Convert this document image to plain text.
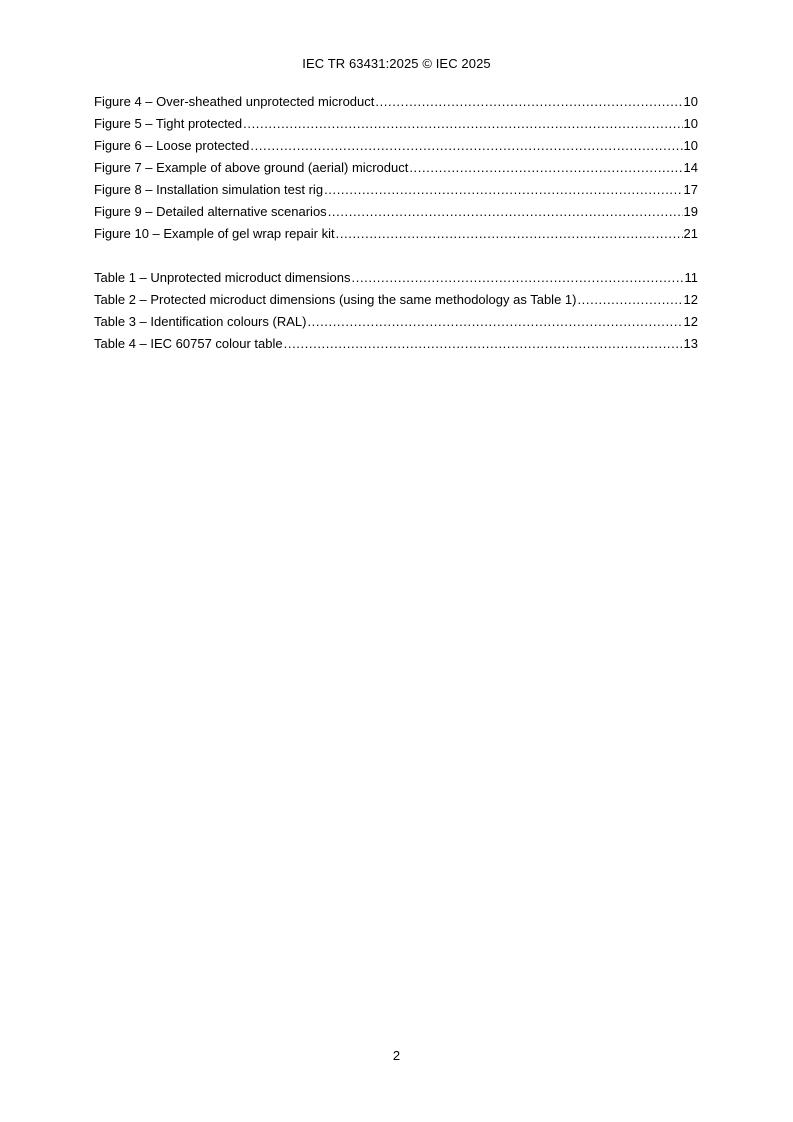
IEC TR 63431:2025 © IEC 2025
Figure 4 – Over-sheathed unprotected microduct .....	10
Figure 5 – Tight protected .....	10
Figure 6 – Loose protected .....	10
Figure 7 – Example of above ground (aerial) microduct .....	14
Figure 8 – Installation simulation test rig .....	17
Figure 9 – Detailed alternative scenarios .....	19
Figure 10 – Example of gel wrap repair kit .....	21
Table 1 – Unprotected microduct dimensions .....	11
Table 2 – Protected microduct dimensions (using the same methodology as Table 1) .....	12
Table 3 – Identification colours (RAL) .....	12
Table 4 – IEC 60757 colour table .....	13
2
